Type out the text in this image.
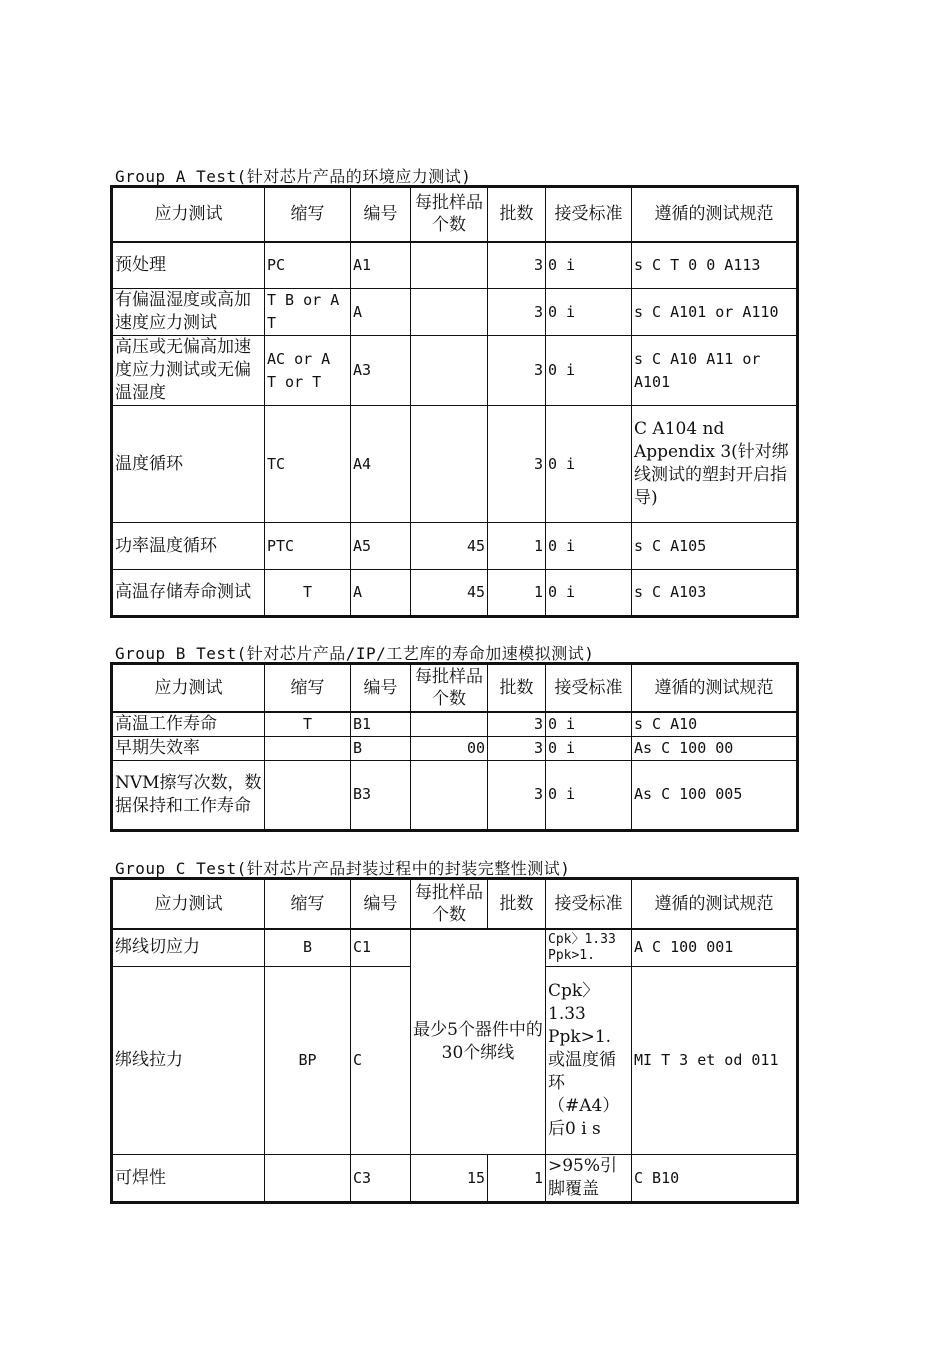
Group A Test(针对芯片产品的环境应力测试)
应力测试	缩写	编号	每批样品个数	批数	接受标准	遵循的测试规范
预处理	PC	A1		3	0 i	s C T 0 0 A113
有偏温湿度或高加速度应力测试	T B or A T	A		3	0 i	s C A101 or A110
高压或无偏高加速度应力测试或无偏温湿度	AC or A T or T	A3		3	0 i	s C A10 A11 or A101
温度循环	TC	A4		3	0 i	C A104 nd Appendix 3(针对绑线测试的塑封开启指导)
功率温度循环	PTC	A5	45	1	0 i	s C A105
高温存储寿命测试	T	A	45	1	0 i	s C A103
Group B Test(针对芯片产品/IP/工艺库的寿命加速模拟测试)
应力测试	缩写	编号	每批样品个数	批数	接受标准	遵循的测试规范
高温工作寿命	T	B1		3	0 i	s C A10
早期失效率		B	00	3	0 i	As C 100 00
NVM擦写次数，数据保持和工作寿命		B3		3	0 i	As C 100 005
Group C Test(针对芯片产品封装过程中的封装完整性测试)
应力测试	缩写	编号	每批样品个数	批数	接受标准	遵循的测试规范
绑线切应力	B	C1	最少5个器件中的30个绑线		Cpk〉1.33 Ppk>1.	A C 100 001
绑线拉力	BP	C			Cpk〉 1.33 Ppk>1. 或温度循环 （#A4） 后0 i s	MI T 3 et od 011
可焊性		C3	15	1	>95%引脚覆盖	C B10
